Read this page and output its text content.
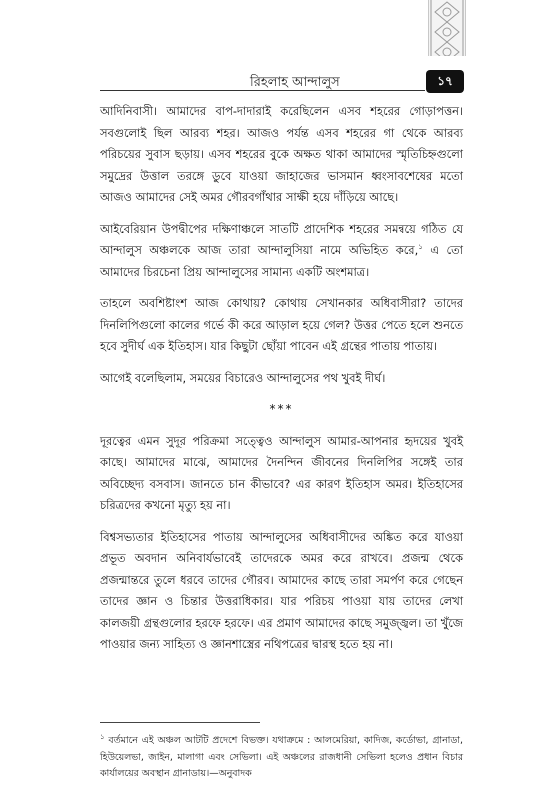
রিহলাহ আন্দালুস	১৭

আদিনিবাসী। আমাদের বাপ-দাদারাই করেছিলেন এসব শহরের গোড়াপত্তন। সবগুলোই ছিল আরব্য শহর। আজও পর্যন্ত এসব শহরের গা থেকে আরব্য পরিচয়ের সুবাস ছড়ায়। এসব শহরের বুকে অক্ষত থাকা আমাদের স্মৃতিচিহ্নগুলো সমুদ্রের উত্তাল তরঙ্গে ডুবে যাওয়া জাহাজের ভাসমান ধ্বংসাবশেষের মতো আজও আমাদের সেই অমর গৌরবগাঁথার সাক্ষী হয়ে দাঁড়িয়ে আছে।

আইবেরিয়ান উপদ্বীপের দক্ষিণাঞ্চলে সাতটি প্রাদেশিক শহরের সমন্বয়ে গঠিত যে আন্দালুস অঞ্চলকে আজ তারা আন্দালুসিয়া নামে অভিহিত করে,$^১$ এ তো আমাদের চিরচেনা প্রিয় আন্দালুসের সামান্য একটি অংশমাত্র।

তাহলে অবশিষ্টাংশ আজ কোথায়? কোথায় সেখানকার অধিবাসীরা? তাদের দিনলিপিগুলো কালের গর্ভে কী করে আড়াল হয়ে গেল? উত্তর পেতে হলে শুনতে হবে সুদীর্ঘ এক ইতিহাস। যার কিছুটা ছোঁয়া পাবেন এই গ্রন্থের পাতায় পাতায়।

আগেই বলেছিলাম, সময়ের বিচারেও আন্দালুসের পথ খুবই দীর্ঘ।

***

দূরত্বের এমন সুদূর পরিক্রমা সত্ত্বেও আন্দালুস আমার-আপনার হৃদয়ের খুবই কাছে। আমাদের মাঝে, আমাদের দৈনন্দিন জীবনের দিনলিপির সঙ্গেই তার অবিচ্ছেদ্য বসবাস। জানতে চান কীভাবে? এর কারণ ইতিহাস অমর। ইতিহাসের চরিত্রদের কখনো মৃত্যু হয় না।

বিশ্বসভ্যতার ইতিহাসের পাতায় আন্দালুসের অধিবাসীদের অঙ্কিত করে যাওয়া প্রভূত অবদান অনিবার্যভাবেই তাদেরকে অমর করে রাখবে। প্রজন্ম থেকে প্রজন্মান্তরে তুলে ধরবে তাদের গৌরব। আমাদের কাছে তারা সমর্পণ করে গেছেন তাদের জ্ঞান ও চিন্তার উত্তরাধিকার। যার পরিচয় পাওয়া যায় তাদের লেখা কালজয়ী গ্রন্থগুলোর হরফে হরফে। এর প্রমাণ আমাদের কাছে সমুজ্জ্বল। তা খুঁজে পাওয়ার জন্য সাহিত্য ও জ্ঞানশাস্ত্রের নথিপত্রের দ্বারস্থ হতে হয় না।

$^১$ বর্তমানে এই অঞ্চল আটটি প্রদেশে বিভক্ত। যথাক্রমে : আলমেরিয়া, কাদিজ, কর্ডোভা, গ্রানাডা, হিউয়েলভা, জাইন, মালাগা এবং সেভিলা। এই অঞ্চলের রাজধানী সেভিলা হলেও প্রধান বিচার কার্যালয়ের অবস্থান গ্রানাডায়।—অনুবাদক
